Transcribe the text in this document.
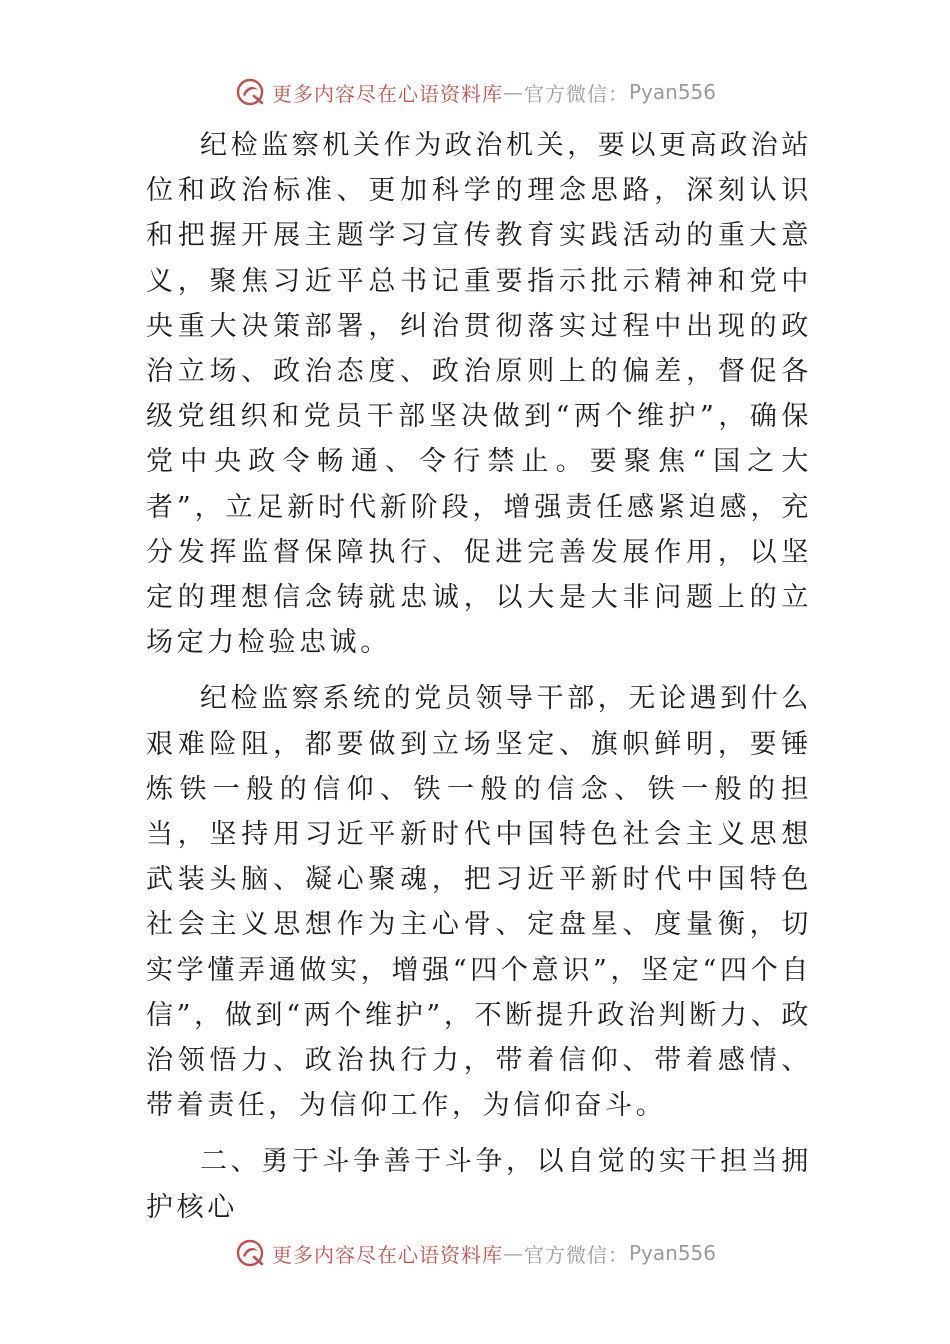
更多内容尽在心语资料库 — 官方微信： Pyan556

纪检监察机关作为政治机关，要以更高政治站位和政治标准、更加科学的理念思路，深刻认识和把握开展主题学习宣传教育实践活动的重大意义，聚焦习近平总书记重要指示批示精神和党中央重大决策部署，纠治贯彻落实过程中出现的政治立场、政治态度、政治原则上的偏差，督促各级党组织和党员干部坚决做到“两个维护”，确保党中央政令畅通、令行禁止。要聚焦“国之大者”，立足新时代新阶段，增强责任感紧迫感，充分发挥监督保障执行、促进完善发展作用，以坚定的理想信念铸就忠诚，以大是大非问题上的立场定力检验忠诚。

纪检监察系统的党员领导干部，无论遇到什么艰难险阻，都要做到立场坚定、旗帜鲜明，要锤炼铁一般的信仰、铁一般的信念、铁一般的担当，坚持用习近平新时代中国特色社会主义思想武装头脑、凝心聚魂，把习近平新时代中国特色社会主义思想作为主心骨、定盘星、度量衡，切实学懂弄通做实，增强“四个意识”，坚定“四个自信”，做到“两个维护”，不断提升政治判断力、政治领悟力、政治执行力，带着信仰、带着感情、带着责任，为信仰工作，为信仰奋斗。

二、勇于斗争善于斗争，以自觉的实干担当拥护核心

更多内容尽在心语资料库 — 官方微信： Pyan556
